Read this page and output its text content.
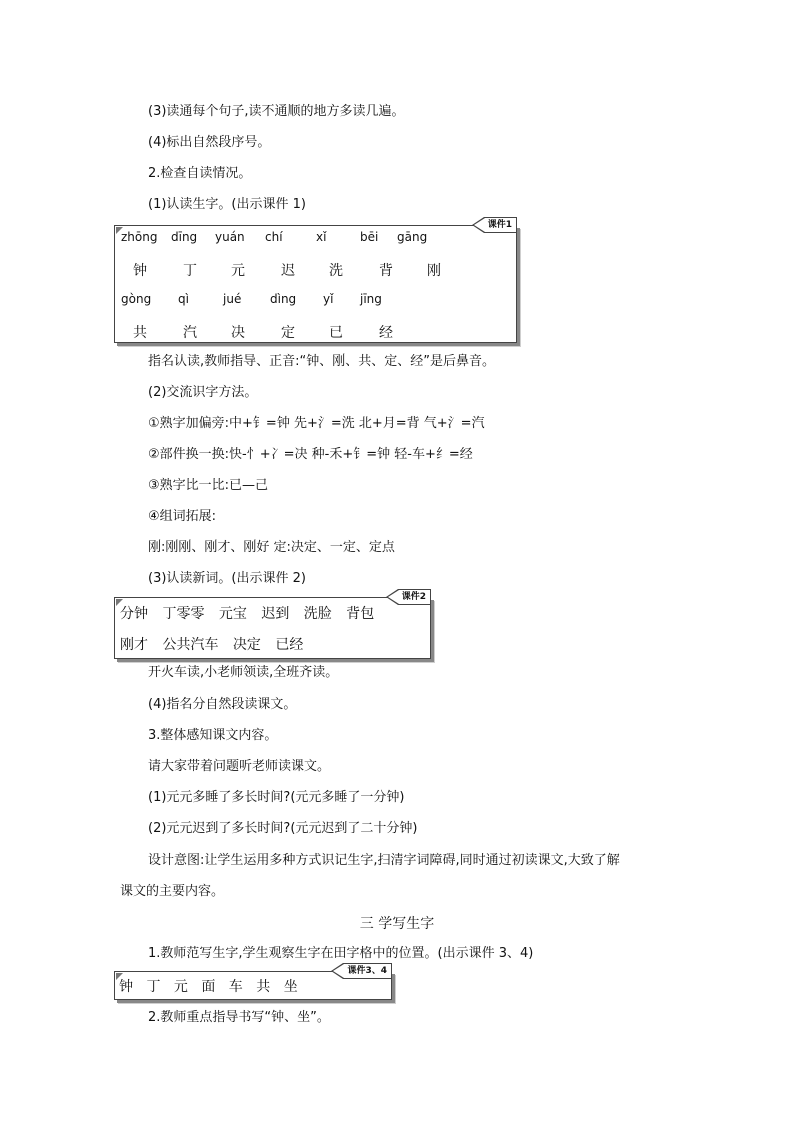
(3)读通每个句子,读不通顺的地方多读几遍。
(4)标出自然段序号。
2.检查自读情况。
(1)认读生字。(出示课件 1)
课件1
zhōng dīng yuán chí	xǐ	bēi gāng
钟	丁 元	迟 洗	背 刚
gòng qì	jué dìng yǐ jīng
共	汽 决	定 已	经
指名认读,教师指导、正音:“钟、刚、共、定、经”是后鼻音。
(2)交流识字方法。
①熟字加偏旁:中+钅=钟 先+氵=洗 北+月=背 气+氵=汽
②部件换一换:快-忄+冫=决 种-禾+钅=钟 轻-车+纟=经
③熟字比一比:已—己
④组词拓展:
刚:刚刚、刚才、刚好 定:决定、一定、定点
(3)认读新词。(出示课件 2)
课件2
分钟 丁零零 元宝 迟到 洗脸 背包
刚才 公共汽车 决定 已经
开火车读,小老师领读,全班齐读。
(4)指名分自然段读课文。
3.整体感知课文内容。
请大家带着问题听老师读课文。
(1)元元多睡了多长时间?(元元多睡了一分钟)
(2)元元迟到了多长时间?(元元迟到了二十分钟)
设计意图:让学生运用多种方式识记生字,扫清字词障碍,同时通过初读课文,大致了解
课文的主要内容。
三 学写生字
1.教师范写生字,学生观察生字在田字格中的位置。(出示课件 3、4)
课件3、4
钟 丁 元 面 车 共 坐
2.教师重点指导书写“钟、坐”。
